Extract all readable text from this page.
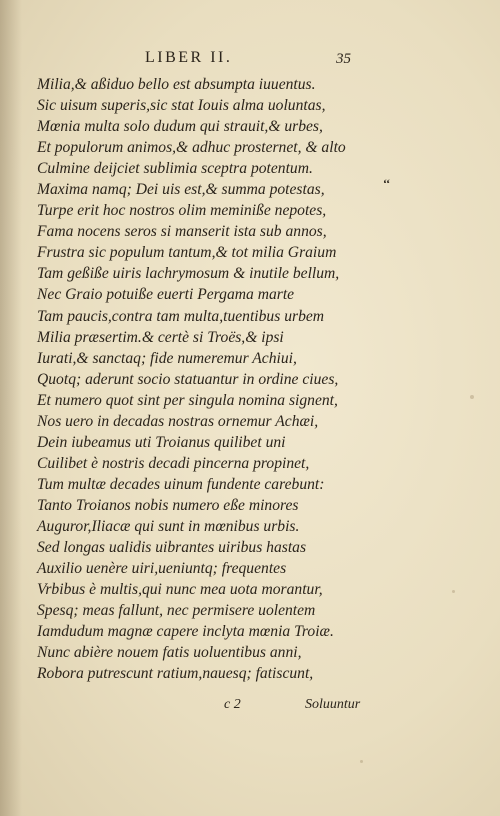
LIBER II.	35
‘‘
Milia,& aßiduo bello est absumpta iuuentus.
Sic uisum superis,sic stat Iouis alma uoluntas,
Mœnia multa solo dudum qui strauit,& urbes,
Et populorum animos,& adhuc prosternet, & alto
Culmine deijciet sublimia sceptra potentum.
Maxima namq; Dei uis est,& summa potestas,
Turpe erit hoc nostros olim meminiße nepotes,
Fama nocens seros si manserit ista sub annos,
Frustra sic populum tantum,& tot milia Graium
Tam geßiße uiris lachrymosum & inutile bellum,
Nec Graio potuiße euerti Pergama marte
Tam paucis,contra tam multa,tuentibus urbem
Milia præsertim.& certè si Troës,& ipsi
Iurati,& sanctaq; fide numeremur Achiui,
Quotq; aderunt socio statuantur in ordine ciues,
Et numero quot sint per singula nomina signent,
Nos uero in decadas nostras ornemur Achæi,
Dein iubeamus uti Troianus quilibet uni
Cuilibet è nostris decadi pincerna propinet,
Tum multæ decades uinum fundente carebunt:
Tanto Troianos nobis numero eße minores
Auguror,Iliacæ qui sunt in mœnibus urbis.
Sed longas ualidis uibrantes uiribus hastas
Auxilio uenère uiri,ueniuntq; frequentes
Vrbibus è multis,qui nunc mea uota morantur,
Spesq; meas fallunt, nec permisere uolentem
Iamdudum magnæ capere inclyta mœnia Troiæ.
Nunc abière nouem fatis uoluentibus anni,
Robora putrescunt ratium,nauesq; fatiscunt,
c 2	Soluuntur
